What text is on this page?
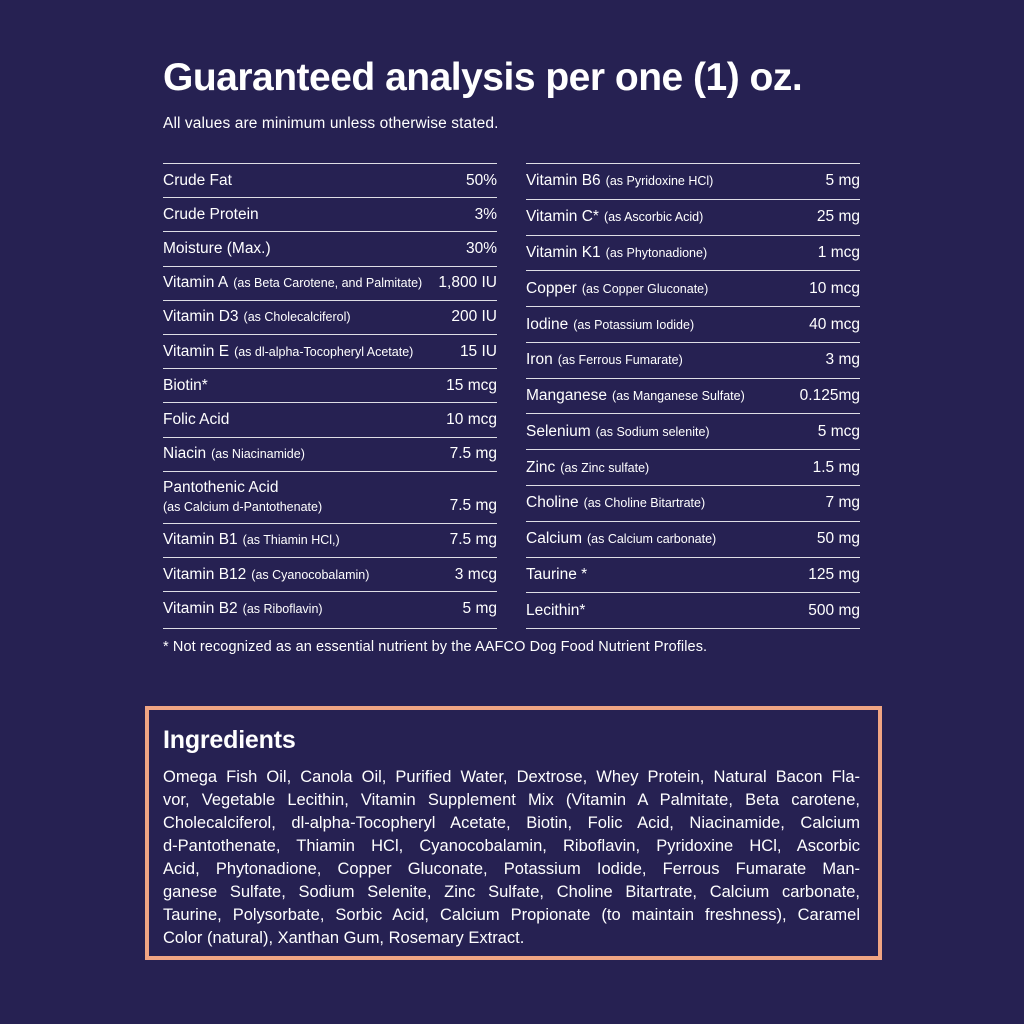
Guaranteed analysis per one (1) oz.

All values are minimum unless otherwise stated.

Crude Fat	50%
Crude Protein	3%
Moisture (Max.)	30%
Vitamin A (as Beta Carotene, and Palmitate) 1,800 IU
Vitamin D3 (as Cholecalciferol)	200 IU
Vitamin E (as dl-alpha-Tocopheryl Acetate)	15 IU
Biotin*	15 mcg
Folic Acid	10 mcg
Niacin (as Niacinamide)	7.5 mg
Pantothenic Acid
(as Calcium d-Pantothenate)	7.5 mg
Vitamin B1 (as Thiamin HCl,)	7.5 mg
Vitamin B12 (as Cyanocobalamin)	3 mcg
Vitamin B2 (as Riboflavin)	5 mg
Vitamin B6 (as Pyridoxine HCl)	5 mg
Vitamin C* (as Ascorbic Acid)	25 mg
Vitamin K1 (as Phytonadione)	1 mcg
Copper (as Copper Gluconate)	10 mcg
Iodine (as Potassium Iodide)	40 mcg
Iron (as Ferrous Fumarate)	3 mg
Manganese (as Manganese Sulfate)	0.125mg
Selenium (as Sodium selenite)	5 mcg
Zinc (as Zinc sulfate)	1.5 mg
Choline (as Choline Bitartrate)	7 mg
Calcium (as Calcium carbonate)	50 mg
Taurine *	125 mg
Lecithin*	500 mg

* Not recognized as an essential nutrient by the AAFCO Dog Food Nutrient Profiles.

Ingredients
Omega Fish Oil, Canola Oil, Purified Water, Dextrose, Whey Protein, Natural Bacon Fla-
vor, Vegetable Lecithin, Vitamin Supplement Mix (Vitamin A Palmitate, Beta carotene,
Cholecalciferol, dl-alpha-Tocopheryl Acetate, Biotin, Folic Acid, Niacinamide, Calcium
d-Pantothenate, Thiamin HCl, Cyanocobalamin, Riboflavin, Pyridoxine HCl, Ascorbic
Acid, Phytonadione, Copper Gluconate, Potassium Iodide, Ferrous Fumarate Man-
ganese Sulfate, Sodium Selenite, Zinc Sulfate, Choline Bitartrate, Calcium carbonate,
Taurine, Polysorbate, Sorbic Acid, Calcium Propionate (to maintain freshness), Caramel
Color (natural), Xanthan Gum, Rosemary Extract.
